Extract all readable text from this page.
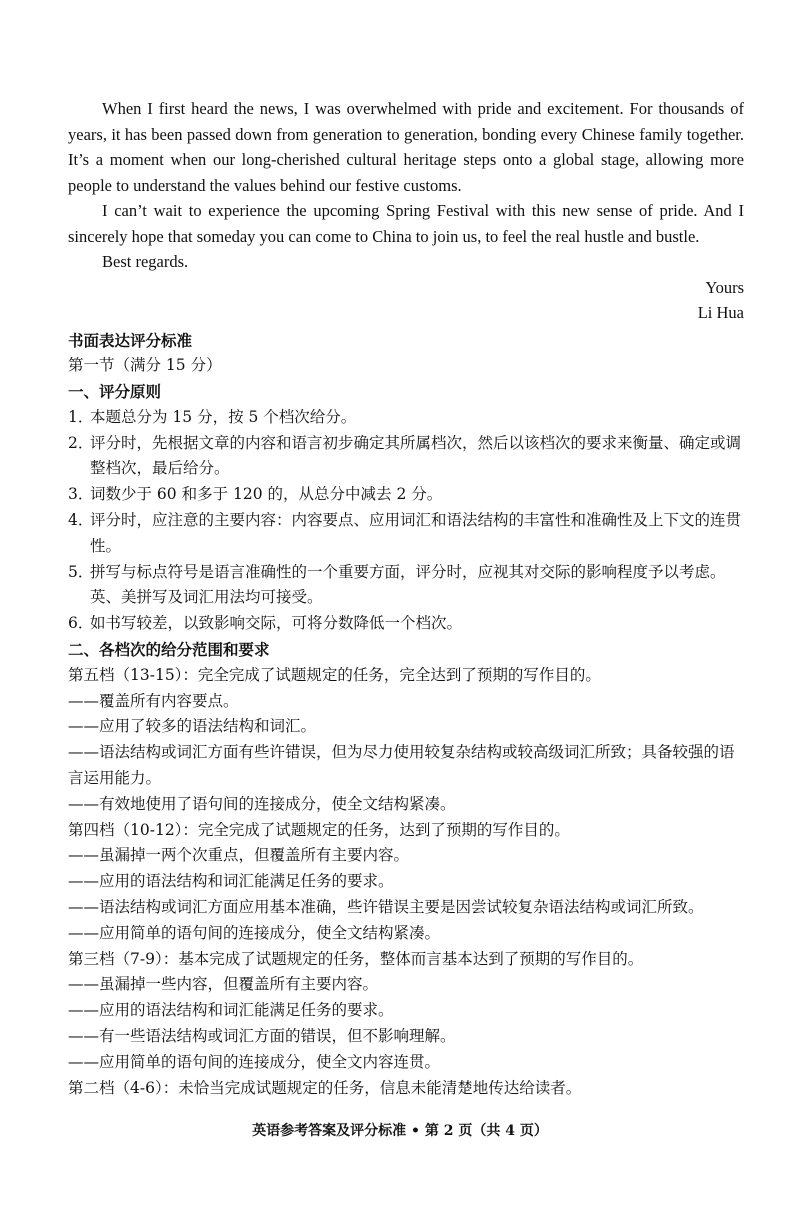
When I first heard the news, I was overwhelmed with pride and excitement. For thousands of years, it has been passed down from generation to generation, bonding every Chinese family together. It’s a moment when our long-cherished cultural heritage steps onto a global stage, allowing more people to understand the values behind our festive customs.

I can’t wait to experience the upcoming Spring Festival with this new sense of pride. And I sincerely hope that someday you can come to China to join us, to feel the real hustle and bustle.

Best regards.

Yours

Li Hua

书面表达评分标准

第一节（满分 15 分）

一、评分原则

1．
本题总分为 15 分，按 5 个档次给分。
2．
评分时，先根据文章的内容和语言初步确定其所属档次，然后以该档次的要求来衡量、确定或调整档次，最后给分。
3．
词数少于 60 和多于 120 的，从总分中减去 2 分。
4．
评分时，应注意的主要内容：内容要点、应用词汇和语法结构的丰富性和准确性及上下文的连贯性。
5．
拼写与标点符号是语言准确性的一个重要方面，评分时，应视其对交际的影响程度予以考虑。英、美拼写及词汇用法均可接受。
6．
如书写较差，以致影响交际，可将分数降低一个档次。

二、各档次的给分范围和要求

第五档（13-15）：完全完成了试题规定的任务，完全达到了预期的写作目的。

——覆盖所有内容要点。

——应用了较多的语法结构和词汇。

——语法结构或词汇方面有些许错误，但为尽力使用较复杂结构或较高级词汇所致；具备较强的语言运用能力。

——有效地使用了语句间的连接成分，使全文结构紧凑。

第四档（10-12）：完全完成了试题规定的任务，达到了预期的写作目的。

——虽漏掉一两个次重点，但覆盖所有主要内容。

——应用的语法结构和词汇能满足任务的要求。

——语法结构或词汇方面应用基本准确，些许错误主要是因尝试较复杂语法结构或词汇所致。

——应用简单的语句间的连接成分，使全文结构紧凑。

第三档（7-9）：基本完成了试题规定的任务，整体而言基本达到了预期的写作目的。

——虽漏掉一些内容，但覆盖所有主要内容。

——应用的语法结构和词汇能满足任务的要求。

——有一些语法结构或词汇方面的错误，但不影响理解。

——应用简单的语句间的连接成分，使全文内容连贯。

第二档（4-6）：未恰当完成试题规定的任务，信息未能清楚地传达给读者。

英语参考答案及评分标准 • 第 2 页（共 4 页）
